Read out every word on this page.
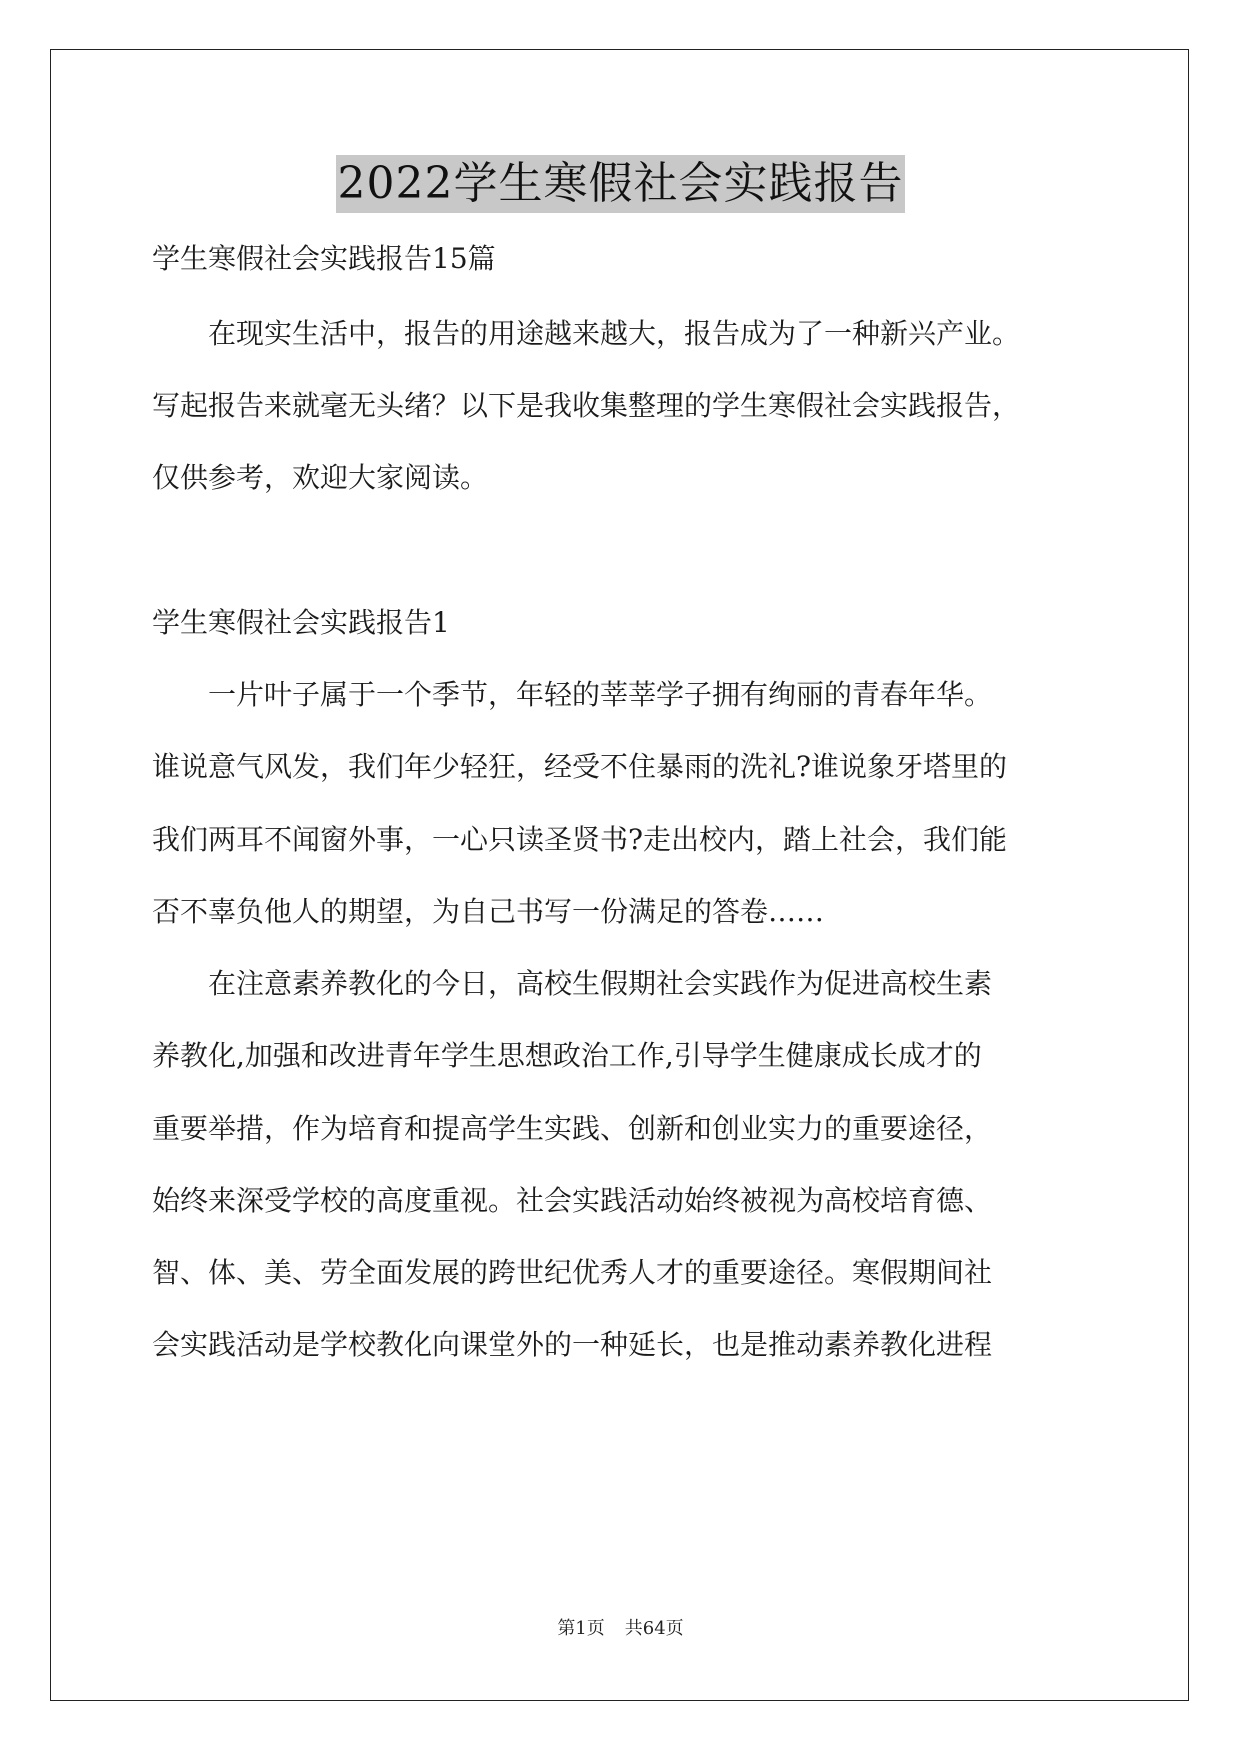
2022学生寒假社会实践报告
学生寒假社会实践报告15篇
　　在现实生活中，报告的用途越来越大，报告成为了一种新兴产业。
写起报告来就毫无头绪？以下是我收集整理的学生寒假社会实践报告，
仅供参考，欢迎大家阅读。
学生寒假社会实践报告1
　　一片叶子属于一个季节，年轻的莘莘学子拥有绚丽的青春年华。
谁说意气风发，我们年少轻狂，经受不住暴雨的洗礼?谁说象牙塔里的
我们两耳不闻窗外事，一心只读圣贤书?走出校内，踏上社会，我们能
否不辜负他人的期望，为自己书写一份满足的答卷……
　　在注意素养教化的今日，高校生假期社会实践作为促进高校生素
养教化,加强和改进青年学生思想政治工作,引导学生健康成长成才的
重要举措，作为培育和提高学生实践、创新和创业实力的重要途径，
始终来深受学校的高度重视。社会实践活动始终被视为高校培育德、
智、体、美、劳全面发展的跨世纪优秀人才的重要途径。寒假期间社
会实践活动是学校教化向课堂外的一种延长，也是推动素养教化进程
第1页 共64页
